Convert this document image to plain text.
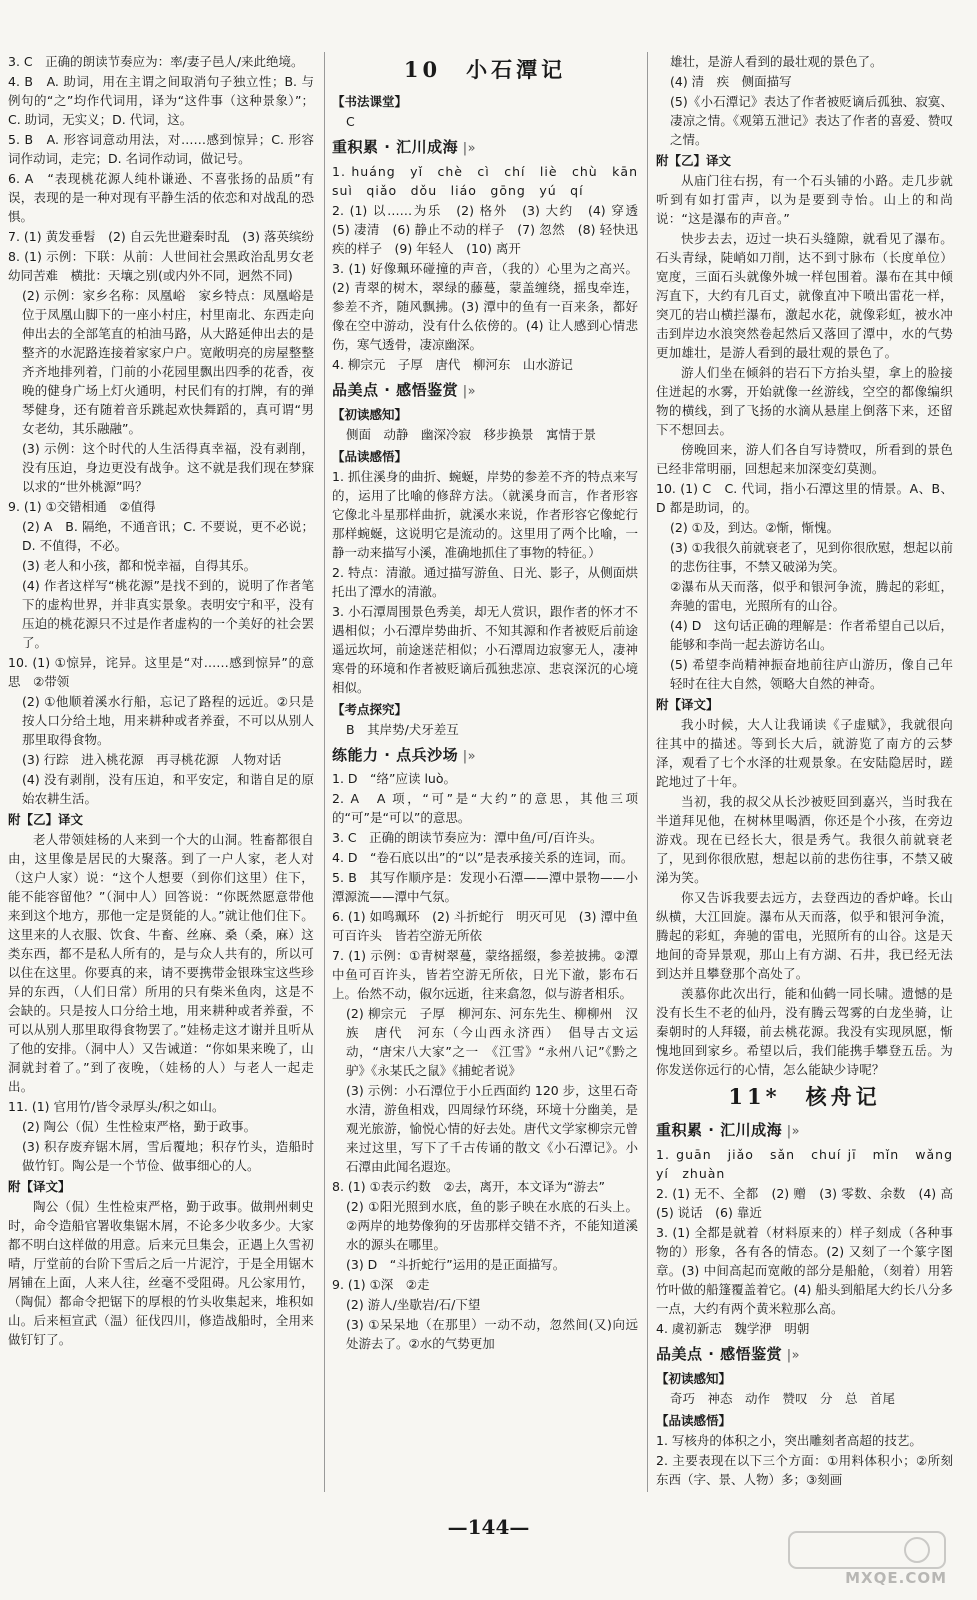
3. C　正确的朗读节奏应为：率/妻子邑人/来此绝境。
4. B　A. 助词，用在主谓之间取消句子独立性；B. 与例句的“之”均作代词用，译为“这件事（这种景象）”；C. 助词，无实义；D. 代词，这。
5. B　A. 形容词意动用法，对……感到惊异；C. 形容词作动词，走完；D. 名词作动词，做记号。
6. A　“表现桃花源人纯朴谦逊、不喜张扬的品质”有误，表现的是一种对现有平静生活的依恋和对战乱的恐惧。
7. (1) 黄发垂髫　(2) 自云先世避秦时乱　(3) 落英缤纷
8. (1) 示例：下联：从前：人世间社会黑政治乱男女老幼同苦难　横批：天壤之别(或内外不同，迥然不同)
(2) 示例：家乡名称：凤凰峪　家乡特点：凤凰峪是位于凤凰山脚下的一座小村庄，村里南北、东西走向伸出去的全部笔直的柏油马路，从大路延伸出去的是整齐的水泥路连接着家家户户。宽敞明亮的房屋整整齐齐地排列着，门前的小花园里飘出四季的花香，夜晚的健身广场上灯火通明，村民们有的打牌，有的弹琴健身，还有随着音乐跳起欢快舞蹈的，真可谓“男女老幼，其乐融融”。
(3) 示例：这个时代的人生活得真幸福，没有剥削，没有压迫，身边更没有战争。这不就是我们现在梦寐以求的“世外桃源”吗？
9. (1) ①交错相通　②值得
(2) A　B. 隔绝，不通音讯；C. 不要说，更不必说；D. 不值得，不必。
(3) 老人和小孩，都和悦幸福，自得其乐。
(4) 作者这样写“桃花源”是找不到的，说明了作者笔下的虚构世界，并非真实景象。表明安宁和平，没有压迫的桃花源只不过是作者虚构的一个美好的社会罢了。
10. (1) ①惊异，诧异。这里是“对……感到惊异”的意思　②带领
(2) ①他顺着溪水行船，忘记了路程的远近。②只是按人口分给土地，用来耕种或者养蚕，不可以从别人那里取得食物。
(3) 行踪　进入桃花源　再寻桃花源　人物对话
(4) 没有剥削，没有压迫，和平安定，和谐自足的原始农耕生活。
附【乙】译文
老人带领娃杨的人来到一个大的山洞。牲畜都很自由，这里像是居民的大聚落。到了一户人家，老人对（这户人家）说：“这个人想要（到你们这里）住下，能不能容留他？”（洞中人）回答说：“你既然愿意带他来到这个地方，那他一定是贤能的人。”就让他们住下。这里来的人衣服、饮食、牛畜、丝麻、桑（桑，麻）这类东西，都不是私人所有的，是与众人共有的，所以可以住在这里。你要真的来，请不要携带金银珠宝这些珍异的东西，（人们日常）所用的只有柴米鱼肉，这是不会缺的。只是按人口分给土地，用来耕种或者养蚕，不可以从别人那里取得食物罢了。”娃杨走这才谢并且听从了他的安排。（洞中人）又告诫道：“你如果来晚了，山洞就封着了。”到了夜晚，（娃杨的人）与老人一起走出。
11. (1) 官用竹/皆令录厚头/积之如山。
(2) 陶公（侃）生性检束严格，勤于政事。
(3) 积存废弃锯木屑，雪后覆地；积存竹头，造船时做竹钉。陶公是一个节俭、做事细心的人。
附【译文】
陶公（侃）生性检束严格，勤于政事。做荆州刺史时，命令造船官署收集锯木屑，不论多少收多少。大家都不明白这样做的用意。后来元旦集会，正遇上久雪初晴，厅堂前的台阶下雪后之后一片泥泞，于是全用锯木屑铺在上面，人来人往，丝毫不受阻碍。凡公家用竹，（陶侃）都命令把锯下的厚根的竹头收集起来，堆积如山。后来桓宣武（温）征伐四川，修造战船时，全用来做钉钉了。
10　小石潭记
【书法课堂】
C
重积累 · 汇川成海 |»
1. huáng　yǐ　chè　cì　chí　liè　chù　kān　suì　qiǎo　dǒu　liáo　gōng　yú　qí
2. (1) 以……为乐　(2) 格外　(3) 大约　(4) 穿透　(5) 凄清　(6) 静止不动的样子　(7) 忽然　(8) 轻快迅疾的样子　(9) 年轻人　(10) 离开
3. (1) 好像珮环碰撞的声音，（我的）心里为之高兴。(2) 青翠的树木，翠绿的藤蔓，蒙盖缠绕，摇曳牵连，参差不齐，随风飘拂。(3) 潭中的鱼有一百来条，都好像在空中游动，没有什么依傍的。(4) 让人感到心情悲伤，寒气透骨，凄凉幽深。
4. 柳宗元　子厚　唐代　柳河东　山水游记
品美点 · 感悟鉴赏 |»
【初读感知】
侧面　动静　幽深冷寂　移步换景　寓情于景
【品读感悟】
1. 抓住溪身的曲折、蜿蜒，岸势的参差不齐的特点来写的，运用了比喻的修辞方法。（就溪身而言，作者形容它像北斗星那样曲折，就溪水来说，作者形容它像蛇行那样蜿蜒，这说明它是流动的。这里用了两个比喻，一静一动来描写小溪，准确地抓住了事物的特征。）
2. 特点：清澈。通过描写游鱼、日光、影子，从侧面烘托出了潭水的清澈。
3. 小石潭周围景色秀美，却无人赏识，跟作者的怀才不遇相似；小石潭岸势曲折、不知其源和作者被贬后前途遥远坎坷，前途迷茫相似；小石潭周边寂寥无人，凄神寒骨的环境和作者被贬谪后孤独悲凉、悲哀深沉的心境相似。
【考点探究】
B　其岸势/犬牙差互
练能力 · 点兵沙场 |»
1. D　“络”应读 luò。
2. A　A 项，“可”是“大约”的意思，其他三项的“可”是“可以”的意思。
3. C　正确的朗读节奏应为：潭中鱼/可/百许头。
4. D　“卷石底以出”的“以”是表承接关系的连词，而。
5. B　其写作顺序是：发现小石潭——潭中景物——小潭源流——潭中气氛。
6. (1) 如鸣珮环　(2) 斗折蛇行　明灭可见　(3) 潭中鱼可百许头　皆若空游无所依
7. (1) 示例：①青树翠蔓，蒙络摇缀，参差披拂。②潭中鱼可百许头，皆若空游无所依，日光下澈，影布石上。佁然不动，俶尔远逝，往来翕忽，似与游者相乐。
(2) 柳宗元　子厚　柳河东、河东先生、柳柳州　汉族　唐代　河东（今山西永济西）　倡导古文运动，“唐宋八大家”之一　《江雪》“永州八记”《黔之驴》《永某氏之鼠》《捕蛇者说》
(3) 示例：小石潭位于小丘西面约 120 步，这里石奇水清，游鱼相戏，四周绿竹环绕，环境十分幽美，是观光旅游，愉悦心情的好去处。唐代文学家柳宗元曾来过这里，写下了千古传诵的散文《小石潭记》。小石潭由此闻名遐迩。
8. (1) ①表示约数　②去，离开，本文译为“游去”
(2) ①阳光照到水底，鱼的影子映在水底的石头上。②两岸的地势像狗的牙齿那样交错不齐，不能知道溪水的源头在哪里。
(3) D　“斗折蛇行”运用的是正面描写。
9. (1) ①深　②走
(2) 游人/坐歇岩/石/下望
(3) ①呆呆地（在那里）一动不动，忽然间(又)向远处游去了。②水的气势更加
雄壮，是游人看到的最壮观的景色了。
(4) 清　疾　侧面描写
(5)《小石潭记》表达了作者被贬谪后孤独、寂寞、凄凉之情。《观第五泄记》表达了作者的喜爱、赞叹之情。
附【乙】译文
从庙门往右拐，有一个石头铺的小路。走几步就听到有如打雷声，以为是要到寺怡。山上的和尚说：“这是瀑布的声音。”
快步去去，迈过一块石头缝隙，就看见了瀑布。石头青绿，陡峭如刀削，达不到寸脉布（长度单位）宽度，三面石头就像外城一样包围着。瀑布在其中倾泻直下，大约有几百丈，就像直冲下喷出雷花一样，突兀的岩山横拦瀑布，激起水花，就像彩虹，被水冲击到岸边水浪突然卷起然后又落回了潭中，水的气势更加雄壮，是游人看到的最壮观的景色了。
游人们坐在倾斜的岩石下方抬头望，拿上的脸接住迸起的水雾，开始就像一丝游线，空空的都像编织物的横线，到了飞扬的水滴从悬崖上倒落下来，还留下不想回去。
傍晚回来，游人们各自写诗赞叹，所看到的景色已经非常明丽，回想起来加深变幻莫测。
10. (1) C　C. 代词，指小石潭这里的情景。A、B、D 都是助词，的。
(2) ①及，到达。②惭，惭愧。
(3) ①我很久前就衰老了，见到你很欣慰，想起以前的悲伤往事，不禁又破涕为笑。
②瀑布从天而落，似乎和银河争流，腾起的彩虹，奔驰的雷电，光照所有的山谷。
(4) D　这句话正确的理解是：作者希望自己以后，能够和李尚一起去游访名山。
(5) 希望李尚精神振奋地前往庐山游历，像自己年轻时在往大自然，领略大自然的神奇。
附【译文】
我小时候，大人让我诵读《子虚赋》，我就很向往其中的描述。等到长大后，就游览了南方的云梦泽，观看了七个水泽的壮观景象。在安陆隐居时，蹉跎地过了十年。
当初，我的叔父从长沙被贬回到嘉兴，当时我在半道拜见他，在树林里喝酒，你还是个小孩，在旁边游戏。现在已经长大，很是秀气。我很久前就衰老了，见到你很欣慰，想起以前的悲伤往事，不禁又破涕为笑。
你又告诉我要去远方，去登西边的香炉峰。长山纵横，大江回旋。瀑布从天而落，似乎和银河争流，腾起的彩虹，奔驰的雷电，光照所有的山谷。这是天地间的奇异景观，那山上有方湖、石井，我已经无法到达并且攀登那个高处了。
羡慕你此次出行，能和仙鹤一同长啸。遗憾的是没有长生不老的仙丹，没有腾云驾雾的白龙坐骑，让秦朝时的人拜辍，前去桃花源。我没有实现夙愿，惭愧地回到家乡。希望以后，我们能携手攀登五岳。为你发送你远行的心情，怎么能缺少诗呢？
11*　核舟记
重积累 · 汇川成海 |»
1. guān　jiǎo　sǎn　chuí jī　mǐn　wǎng　yí　zhuàn
2. (1) 无不、全都　(2) 赠　(3) 零数、余数　(4) 高　(5) 说话　(6) 靠近
3. (1) 全都是就着（材料原来的）样子刻成（各种事物的）形象，各有各的情态。(2) 又刻了一个篆字图章。(3) 中间高起而宽敞的部分是船舱，（刻着）用箬竹叶做的船篷覆盖着它。(4) 船头到船尾大约长八分多一点，大约有两个黄米粒那么高。
4. 虞初新志　魏学洢　明朝
品美点 · 感悟鉴赏 |»
【初读感知】
奇巧　神态　动作　赞叹　分　总　首尾
【品读感悟】
1. 写核舟的体积之小，突出雕刻者高超的技艺。
2. 主要表现在以下三个方面：①用料体积小；②所刻东西（字、景、人物）多；③刻画
—144—
MXQE.COM
